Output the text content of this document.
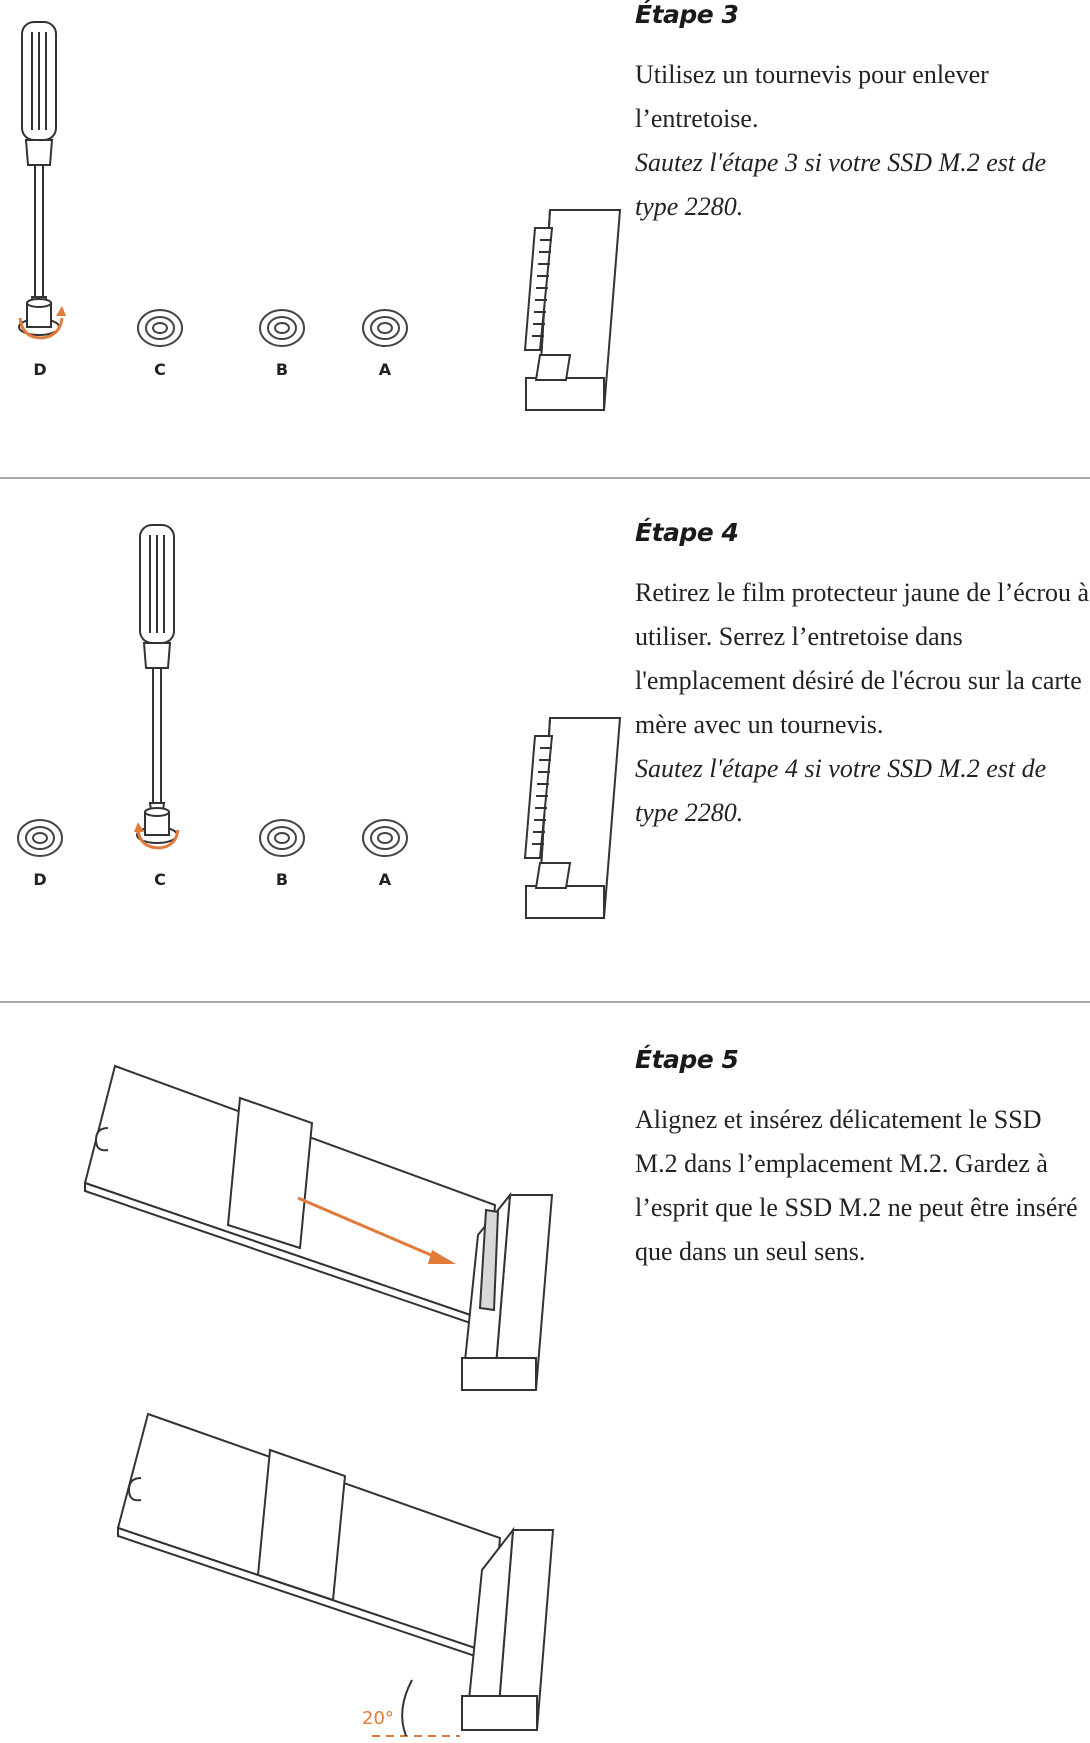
D	C	B	A
Étape 3

Utilisez un tournevis pour enlever l’entretoise.

Sautez l'étape 3 si votre SSD M.2 est de type 2280.

D	C	B	A
Étape 4

Retirez le film protecteur jaune de l’écrou à utiliser. Serrez l’entretoise dans l'emplacement désiré de l'écrou sur la carte mère avec un tournevis.

Sautez l'étape 4 si votre SSD M.2 est de type 2280.

20°
Étape 5

Alignez et insérez délicatement le SSD M.2 dans l’emplacement M.2. Gardez à l’esprit que le SSD M.2 ne peut être inséré que dans un seul sens.
